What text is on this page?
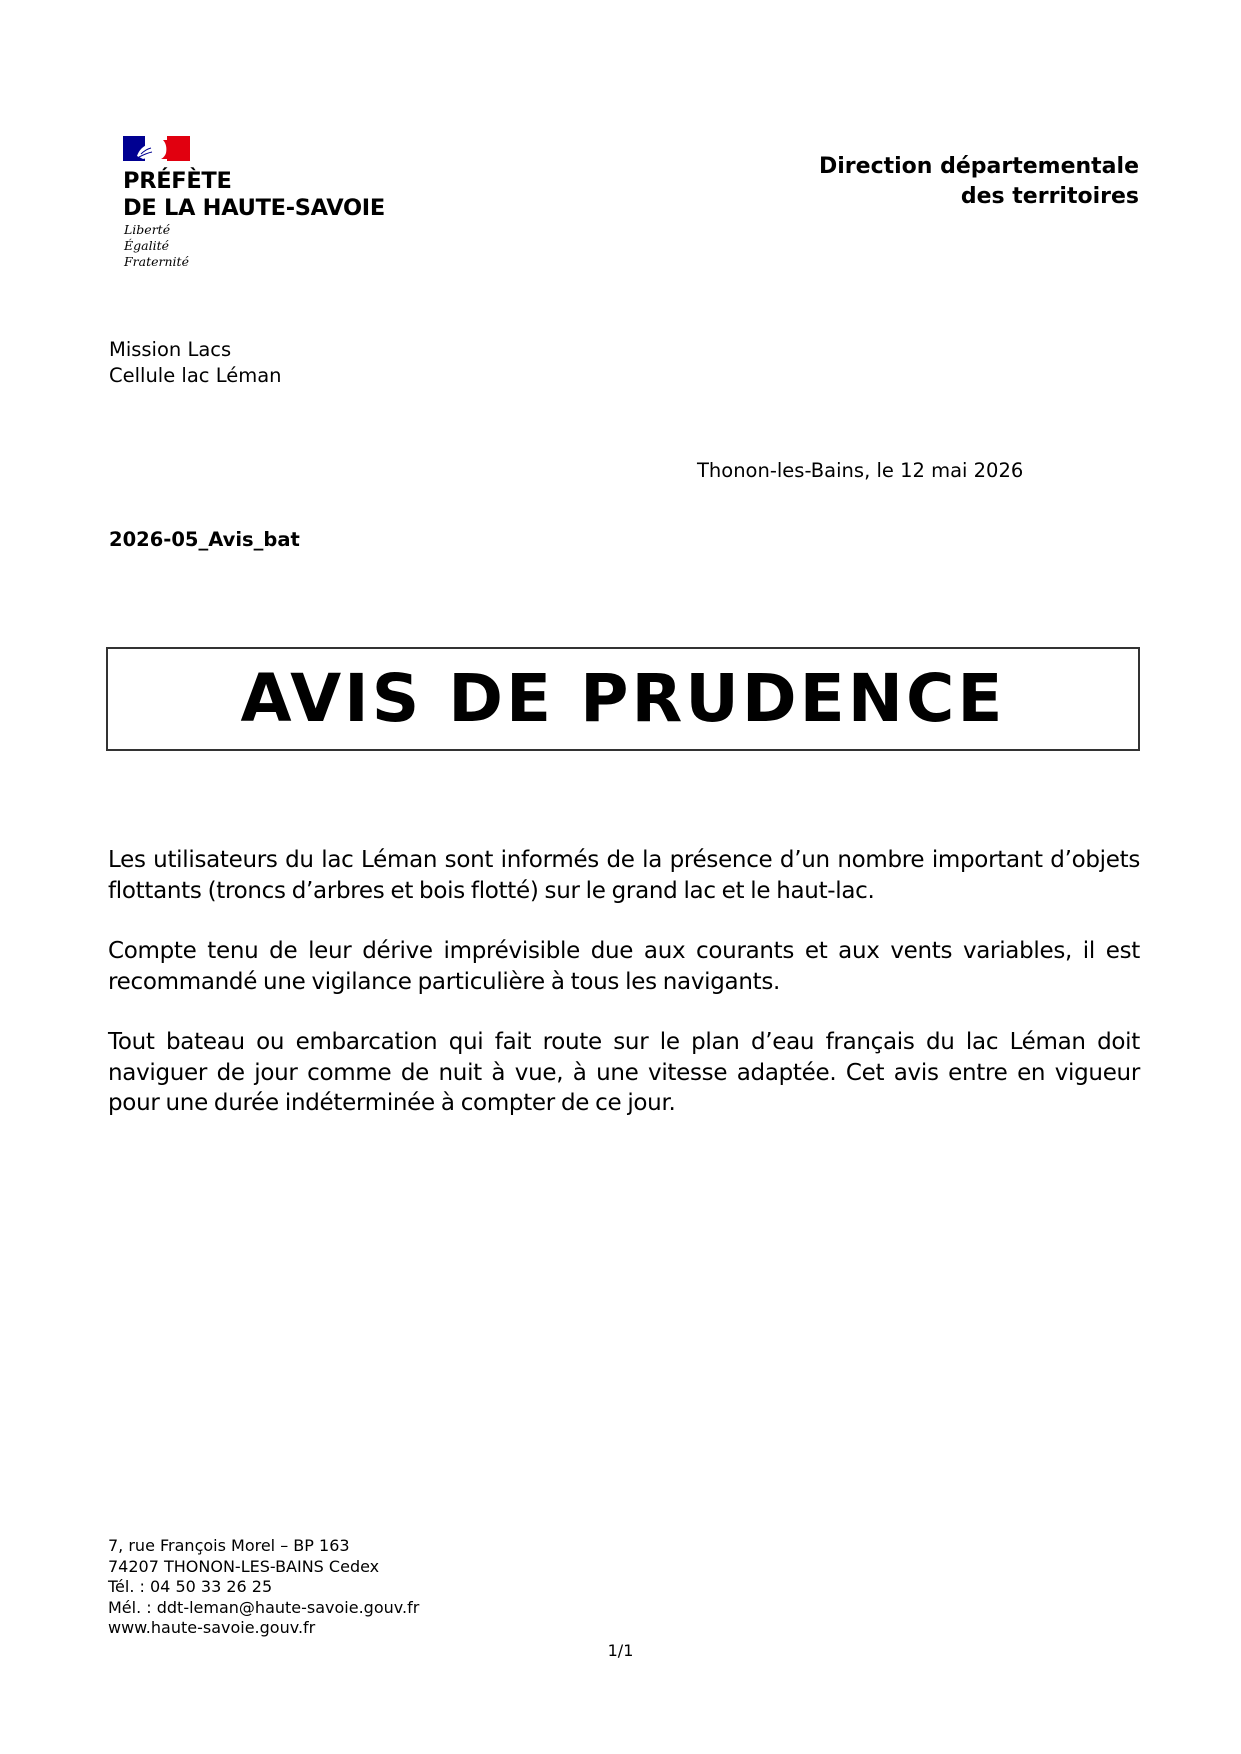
PRÉFÈTE
DE LA HAUTE-SAVOIE
Liberté
Égalité
Fraternité
Direction départementale
des territoires
Mission Lacs
Cellule lac Léman
Thonon-les-Bains, le 12 mai 2026
2026-05_Avis_bat
AVIS DE PRUDENCE

Les utilisateurs du lac Léman sont informés de la présence d’un nombre important d’objets flottants (troncs d’arbres et bois flotté) sur le grand lac et le haut-lac.

Compte tenu de leur dérive imprévisible due aux courants et aux vents variables, il est recommandé une vigilance particulière à tous les navigants.

Tout bateau ou embarcation qui fait route sur le plan d’eau français du lac Léman doit naviguer de jour comme de nuit à vue, à une vitesse adaptée. Cet avis entre en vigueur pour une durée indéterminée à compter de ce jour.

7, rue François Morel – BP 163
74207 THONON-LES-BAINS Cedex
Tél. : 04 50 33 26 25
Mél. : ddt-leman@haute-savoie.gouv.fr
www.haute-savoie.gouv.fr
1/1
